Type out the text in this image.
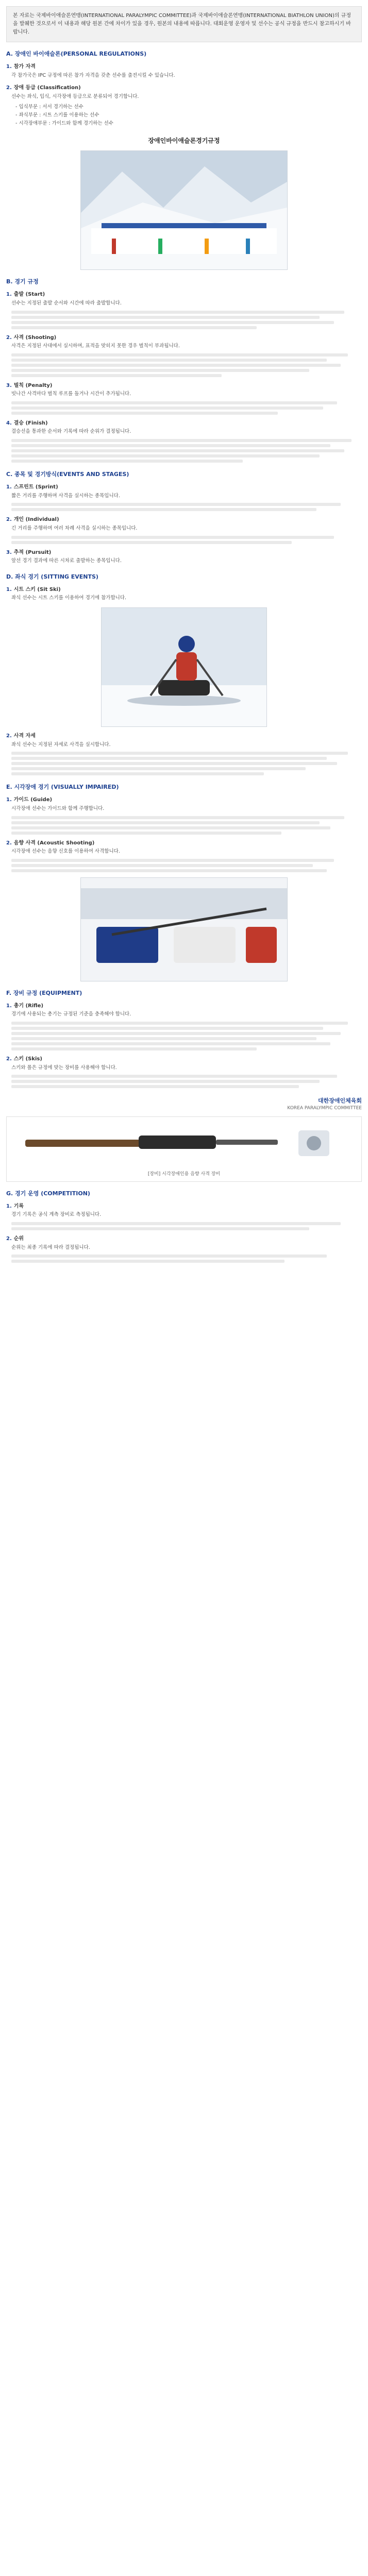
본 자료는 국제바이애슬론연맹(INTERNATIONAL PARALYMPIC COMMITTEE)과 국제바이애슬론연맹(INTERNATIONAL BIATHLON UNION)의 규정을 발췌한 것으로서 이 내용과 해당 원본 간에 차이가 있을 경우, 원본의 내용에 따릅니다. 대회운영 운영자 및 선수는 공식 규정을 반드시 참고하시기 바랍니다.
A. 장애인 바이애슬론(PERSONAL REGULATIONS)
1. 참가 자격
각 참가국은 IPC 규정에 따른 참가 자격을 갖춘 선수를 출전시킬 수 있습니다.
2. 장애 등급 (Classification)
선수는 좌식, 입식, 시각장애 등급으로 분류되어 경기합니다.
- 입식부문 : 서서 경기하는 선수
- 좌식부문 : 시트 스키를 이용하는 선수
- 시각장애부문 : 가이드와 함께 경기하는 선수
장애인바이애슬론경기규정
B. 경기 규정
1. 출발 (Start)
선수는 지정된 출발 순서와 시간에 따라 출발합니다.
2. 사격 (Shooting)
사격은 지정된 사대에서 실시하며, 표적을 맞히지 못한 경우 벌칙이 부과됩니다.
3. 벌칙 (Penalty)
빗나간 사격마다 벌칙 루프를 돌거나 시간이 추가됩니다.
4. 결승 (Finish)
결승선을 통과한 순서와 기록에 따라 순위가 결정됩니다.
C. 종목 및 경기방식(EVENTS AND STAGES)
1. 스프린트 (Sprint)
짧은 거리를 주행하며 사격을 실시하는 종목입니다.
2. 개인 (Individual)
긴 거리를 주행하며 여러 차례 사격을 실시하는 종목입니다.
3. 추적 (Pursuit)
앞선 경기 결과에 따른 시차로 출발하는 종목입니다.
D. 좌식 경기 (SITTING EVENTS)
1. 시트 스키 (Sit Ski)
좌식 선수는 시트 스키를 이용하여 경기에 참가합니다.
2. 사격 자세
좌식 선수는 지정된 자세로 사격을 실시합니다.
E. 시각장애 경기 (VISUALLY IMPAIRED)
1. 가이드 (Guide)
시각장애 선수는 가이드와 함께 주행합니다.
2. 음향 사격 (Acoustic Shooting)
시각장애 선수는 음향 신호를 이용하여 사격합니다.
F. 장비 규정 (EQUIPMENT)
1. 총기 (Rifle)
경기에 사용되는 총기는 규정된 기준을 충족해야 합니다.
2. 스키 (Skis)
스키와 폴은 규정에 맞는 장비를 사용해야 합니다.
대한장애인체육회
KOREA PARALYMPIC COMMITTEE
[장비] 시각장애인용 음향 사격 장비
G. 경기 운영 (COMPETITION)
1. 기록
경기 기록은 공식 계측 장비로 측정됩니다.
2. 순위
순위는 최종 기록에 따라 결정됩니다.
